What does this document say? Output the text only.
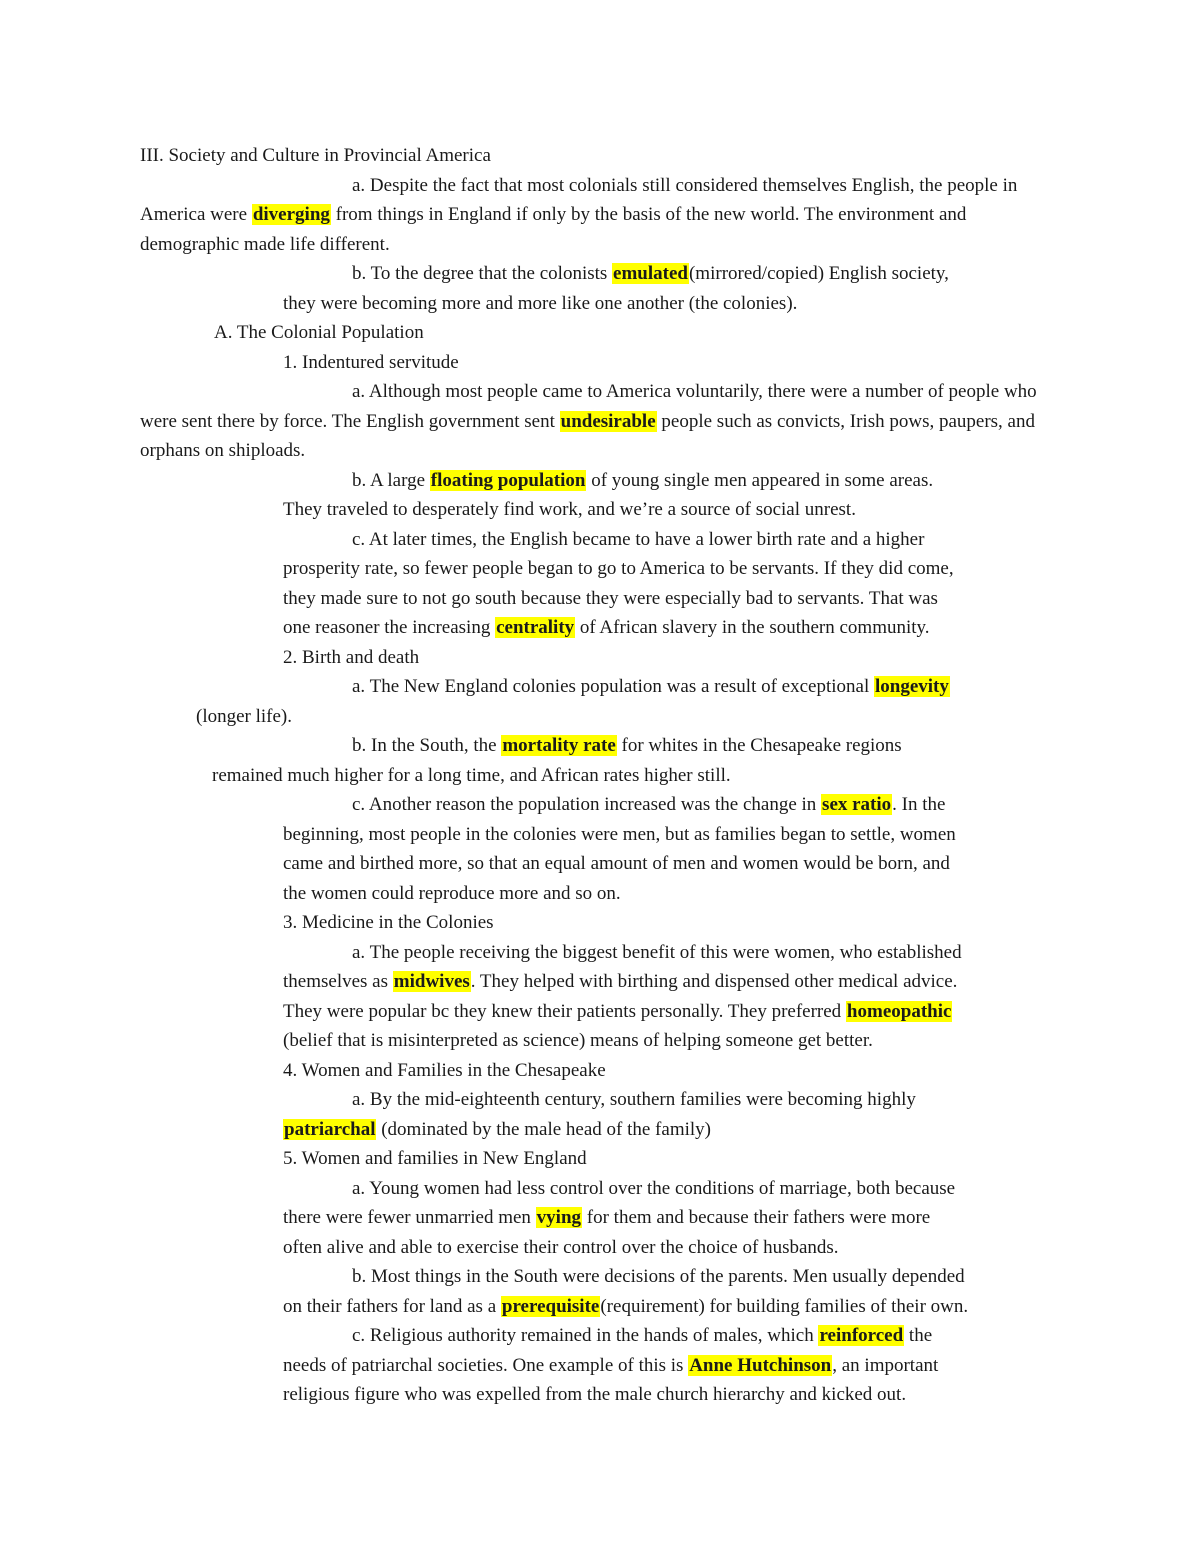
III. Society and Culture in Provincial America

a. Despite the fact that most colonials still considered themselves English, the people in America were diverging from things in England if only by the basis of the new world. The environment and demographic made life different.

b. To the degree that the colonists emulated(mirrored/copied) English society,

they were becoming more and more like one another (the colonies).

A. The Colonial Population

1. Indentured servitude

a. Although most people came to America voluntarily, there were a number of people who were sent there by force. The English government sent undesirable people such as convicts, Irish pows, paupers, and orphans on shiploads.

b. A large floating population of young single men appeared in some areas.

They traveled to desperately find work, and we’re a source of social unrest.

c. At later times, the English became to have a lower birth rate and a higher

prosperity rate, so fewer people began to go to America to be servants. If they did come,

they made sure to not go south because they were especially bad to servants. That was

one reasoner the increasing centrality of African slavery in the southern community.

2. Birth and death

a. The New England colonies population was a result of exceptional longevity

(longer life).

b. In the South, the mortality rate for whites in the Chesapeake regions

remained much higher for a long time, and African rates higher still.

c. Another reason the population increased was the change in sex ratio. In the

beginning, most people in the colonies were men, but as families began to settle, women

came and birthed more, so that an equal amount of men and women would be born, and

the women could reproduce more and so on.

3. Medicine in the Colonies

a. The people receiving the biggest benefit of this were women, who established

themselves as midwives. They helped with birthing and dispensed other medical advice.

They were popular bc they knew their patients personally. They preferred homeopathic

(belief that is misinterpreted as science) means of helping someone get better.

4. Women and Families in the Chesapeake

a. By the mid-eighteenth century, southern families were becoming highly

patriarchal (dominated by the male head of the family)

5. Women and families in New England

a. Young women had less control over the conditions of marriage, both because

there were fewer unmarried men vying for them and because their fathers were more

often alive and able to exercise their control over the choice of husbands.

b. Most things in the South were decisions of the parents. Men usually depended

on their fathers for land as a prerequisite(requirement) for building families of their own.

c. Religious authority remained in the hands of males, which reinforced the

needs of patriarchal societies. One example of this is Anne Hutchinson, an important

religious figure who was expelled from the male church hierarchy and kicked out.
